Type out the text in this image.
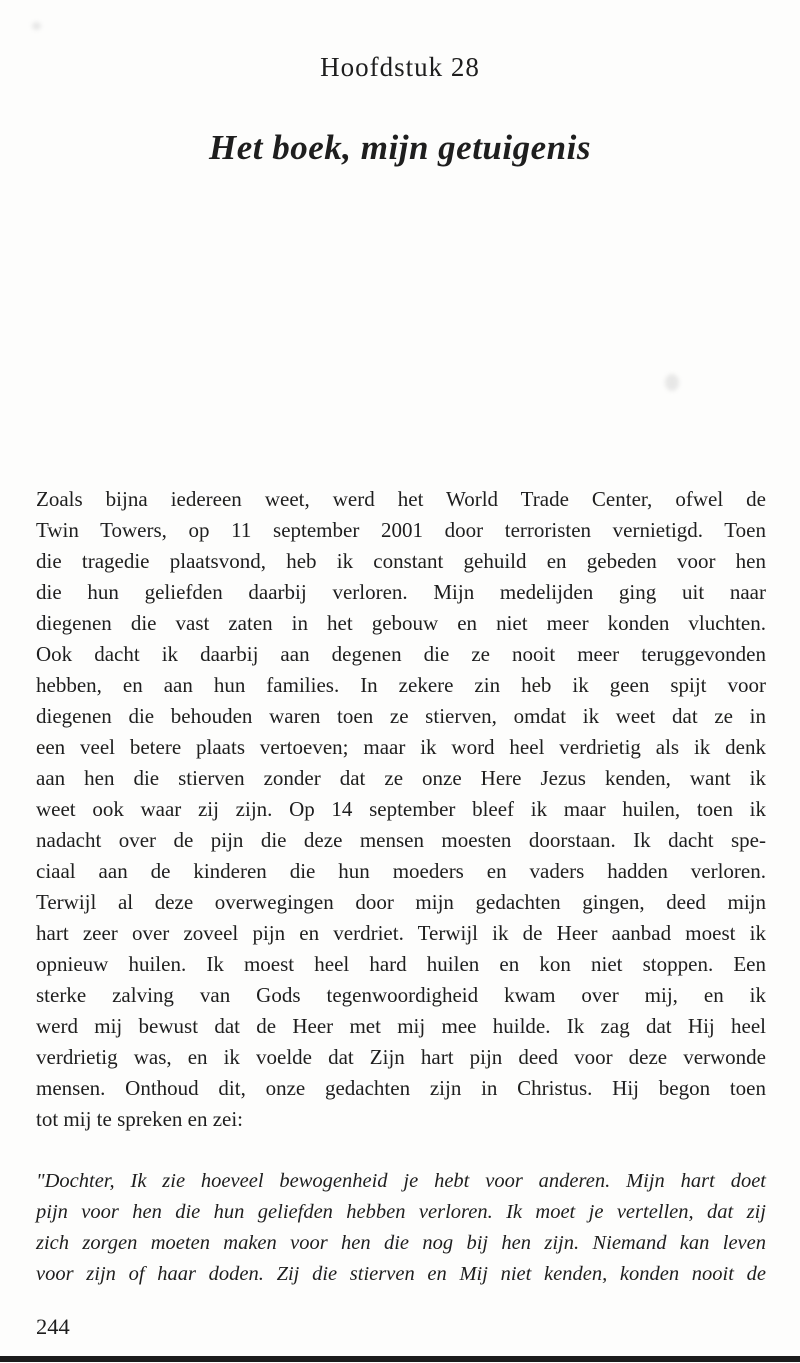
Hoofdstuk 28
Het boek, mijn getuigenis
Zoals bijna iedereen weet, werd het World Trade Center, ofwel de
Twin Towers, op 11 september 2001 door terroristen vernietigd. Toen
die tragedie plaatsvond, heb ik constant gehuild en gebeden voor hen
die hun geliefden daarbij verloren. Mijn medelijden ging uit naar
diegenen die vast zaten in het gebouw en niet meer konden vluchten.
Ook dacht ik daarbij aan degenen die ze nooit meer teruggevonden
hebben, en aan hun families. In zekere zin heb ik geen spijt voor
diegenen die behouden waren toen ze stierven, omdat ik weet dat ze in
een veel betere plaats vertoeven; maar ik word heel verdrietig als ik denk
aan hen die stierven zonder dat ze onze Here Jezus kenden, want ik
weet ook waar zij zijn. Op 14 september bleef ik maar huilen, toen ik
nadacht over de pijn die deze mensen moesten doorstaan. Ik dacht spe-
ciaal aan de kinderen die hun moeders en vaders hadden verloren.
Terwijl al deze overwegingen door mijn gedachten gingen, deed mijn
hart zeer over zoveel pijn en verdriet. Terwijl ik de Heer aanbad moest ik
opnieuw huilen. Ik moest heel hard huilen en kon niet stoppen. Een
sterke zalving van Gods tegenwoordigheid kwam over mij, en ik
werd mij bewust dat de Heer met mij mee huilde. Ik zag dat Hij heel
verdrietig was, en ik voelde dat Zijn hart pijn deed voor deze verwonde
mensen. Onthoud dit, onze gedachten zijn in Christus. Hij begon toen
tot mij te spreken en zei:
"Dochter, Ik zie hoeveel bewogenheid je hebt voor anderen. Mijn hart doet
pijn voor hen die hun geliefden hebben verloren. Ik moet je vertellen, dat zij
zich zorgen moeten maken voor hen die nog bij hen zijn. Niemand kan leven
voor zijn of haar doden. Zij die stierven en Mij niet kenden, konden nooit de
244
